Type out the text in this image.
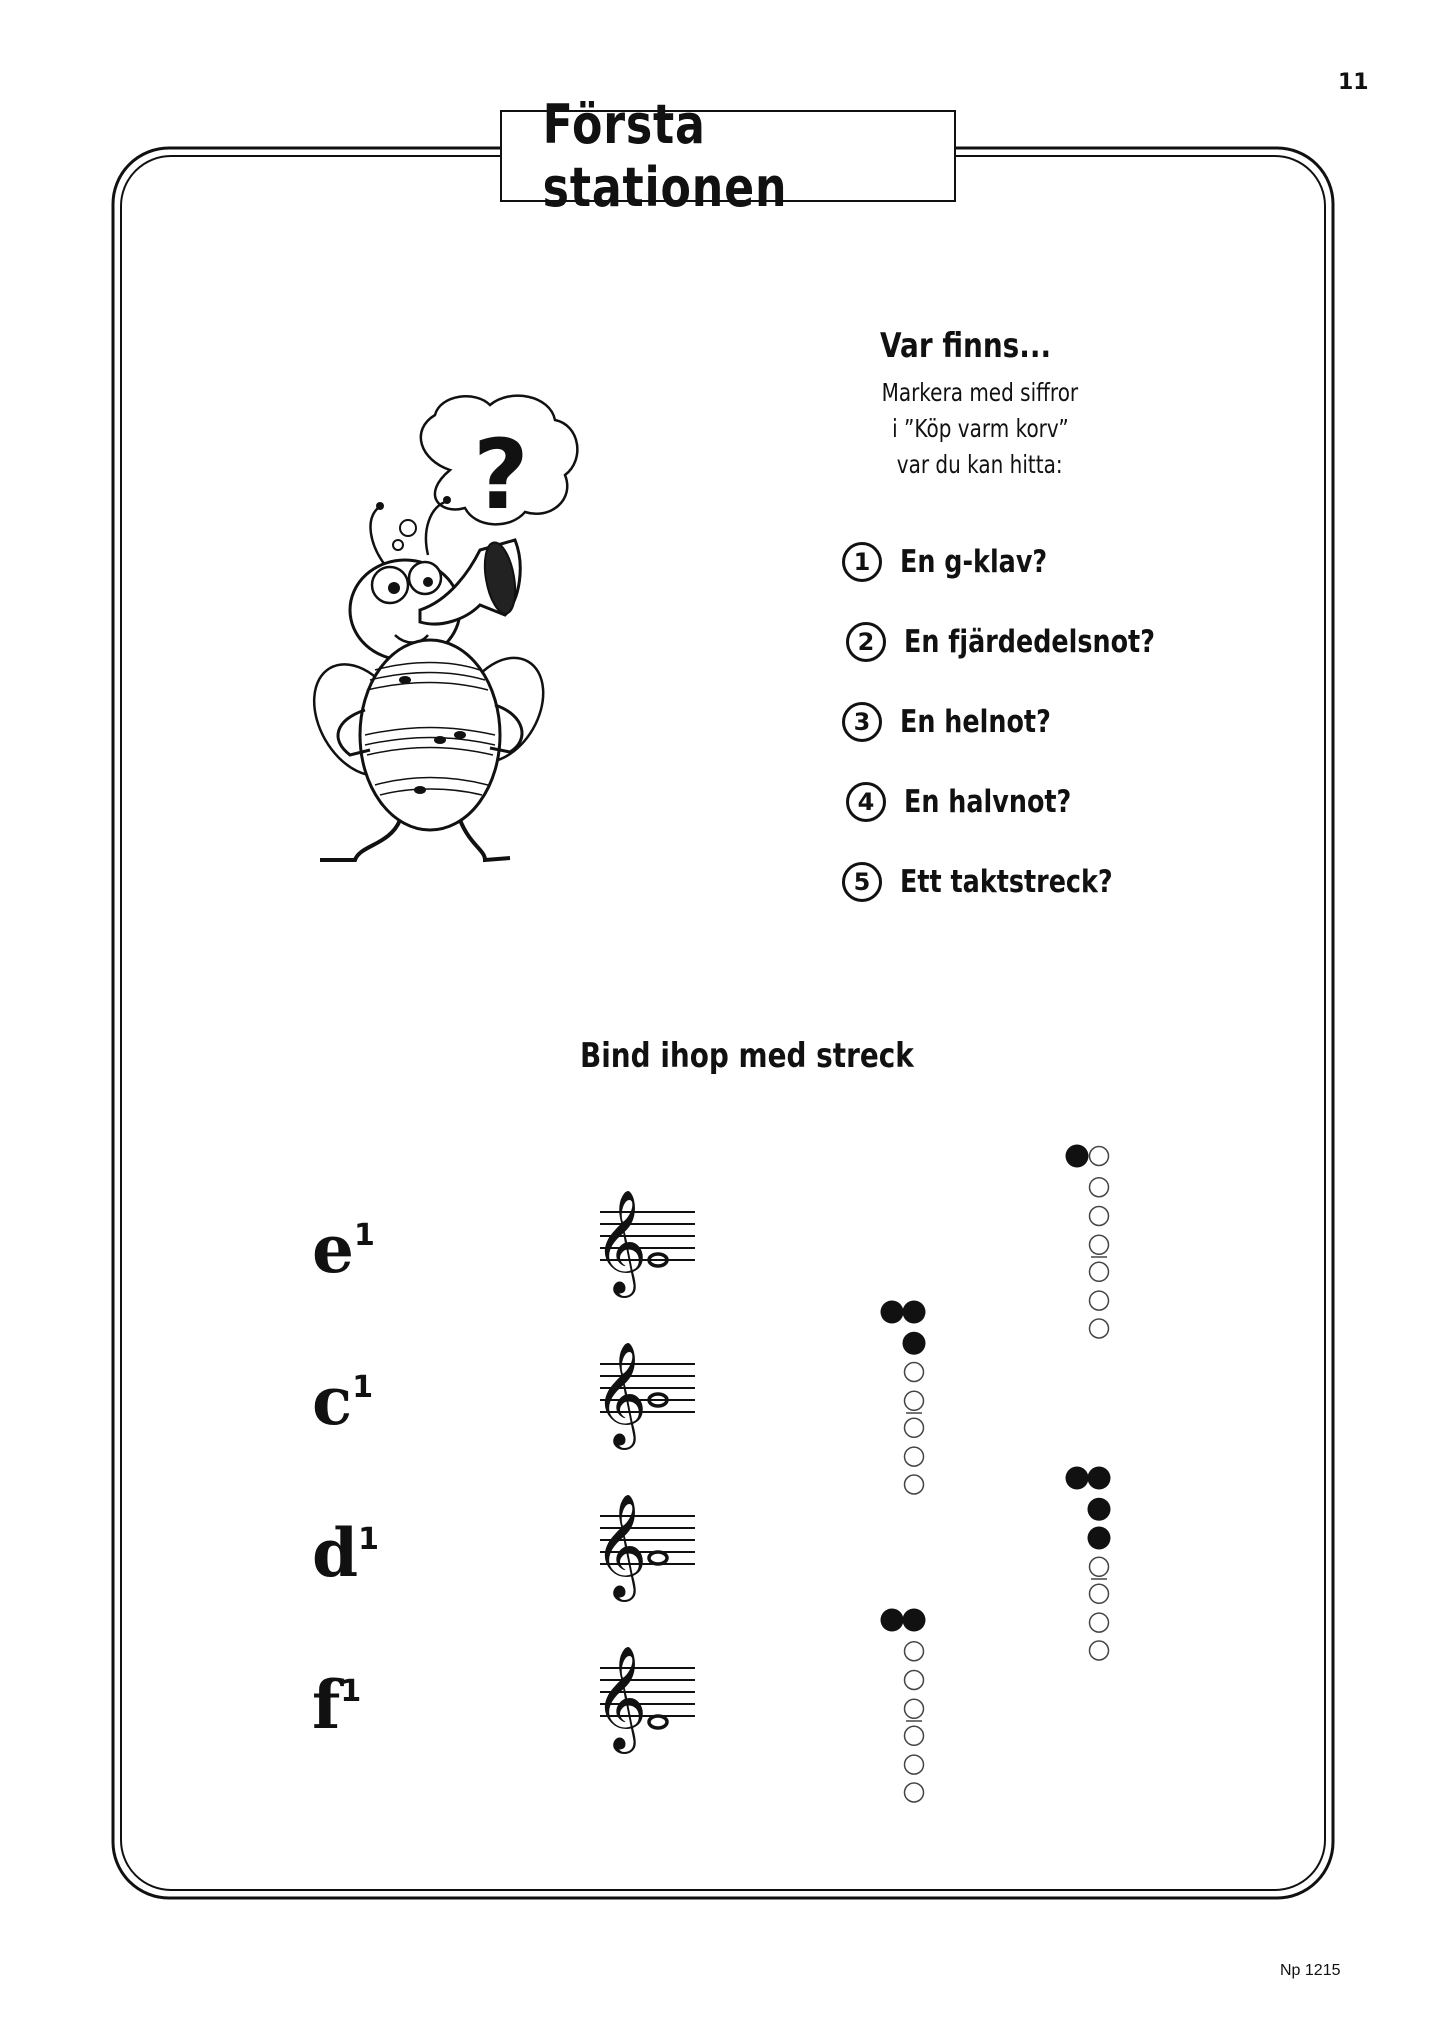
11
Första stationen
?
Var finns...
Markera med siffror
i ”Köp varm korv”
var du kan hitta:
1 En g-klav?
2 En fjärdedelsnot?
3 En helnot?
4 En halvnot?
5 Ett taktstreck?
Bind ihop med streck
$e^1$
$c^1$
$d^1$
$f^1$
𝄞
𝄞
𝄞
𝄞
Np 1215
